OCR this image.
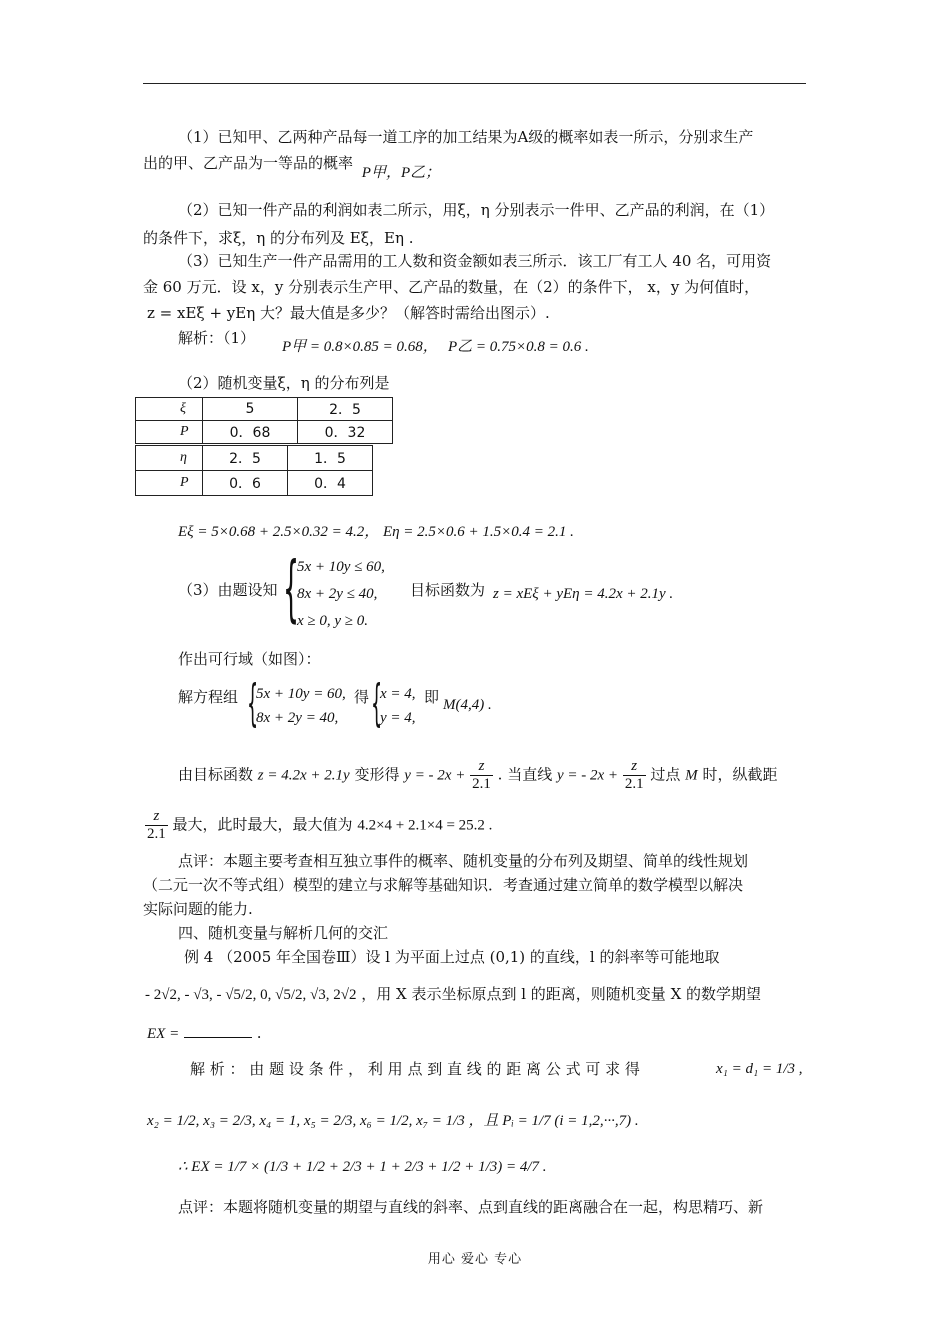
（1）已知甲、乙两种产品每一道工序的加工结果为A级的概率如表一所示，分别求生产
出的甲、乙产品为一等品的概率 P甲，P乙；
（2）已知一件产品的利润如表二所示，用ξ，η 分别表示一件甲、乙产品的利润，在（1）
的条件下，求ξ，η 的分布列及 Eξ，Eη .
（3）已知生产一件产品需用的工人数和资金额如表三所示．该工厂有工人 40 名，可用资
金 60 万元．设 x，y 分别表示生产甲、乙产品的数量，在（2）的条件下， x，y 为何值时，
z = xEξ + yEη 大？最大值是多少？（解答时需给出图示）.
解析：（1） P甲 = 0.8×0.85 = 0.68， P乙 = 0.75×0.8 = 0.6 .
（2）随机变量ξ，η 的分布列是
ξ	5	2．5
P	0．68	0．32
η	2．5	1．5
P	0．6	0．4
Eξ = 5×0.68 + 2.5×0.32 = 4.2， Eη = 2.5×0.6 + 1.5×0.4 = 2.1 .
（3）由题设知 {
5x + 10y ≤ 60,
8x + 2y ≤ 40,
x ≥ 0, y ≥ 0.
目标函数为 z = xEξ + yEη = 4.2x + 2.1y .
作出可行域（如图）：
解方程组 {
5x + 10y = 60,
8x + 2y = 40,
得 {
x = 4,
y = 4,
即 M(4,4) .
由目标函数 z = 4.2x + 2.1y 变形得 y = - $2x + \frac{z}{2.1}$ . 当直线 y = - $2x + \frac{z}{2.1}$ 过点 M 时，纵截距
$\frac{z}{2.1}$ 最大，此时最大，最大值为 4.2×4 + 2.1×4 = 25.2 .
点评：本题主要考查相互独立事件的概率、随机变量的分布列及期望、简单的线性规划
（二元一次不等式组）模型的建立与求解等基础知识．考查通过建立简单的数学模型以解决
实际问题的能力.
四、随机变量与解析几何的交汇
例 4 （2005 年全国卷Ⅲ）设 l 为平面上过点 (0,1) 的直线，l 的斜率等可能地取
- 2√2, - √3, - √5/2, 0, √5/2, √3, 2√2 ，用 X 表示坐标原点到 l 的距离，则随机变量 X 的数学期望
EX =	.
解 析 ： 由 题 设 条 件 ， 利 用 点 到 直 线 的 距 离 公 式 可 求 得	x₁ = d₁ = 1/3 ,
x₂ = 1/2, x₃ = 2/3, x₄ = 1, x₅ = 2/3, x₆ = 1/2, x₇ = 1/3 ，且 Pᵢ = 1/7 (i = 1,2,···,7) .
∴ EX = 1/7 × (1/3 + 1/2 + 2/3 + 1 + 2/3 + 1/2 + 1/3) = 4/7 .
点评：本题将随机变量的期望与直线的斜率、点到直线的距离融合在一起，构思精巧、新
用心 爱心 专心
